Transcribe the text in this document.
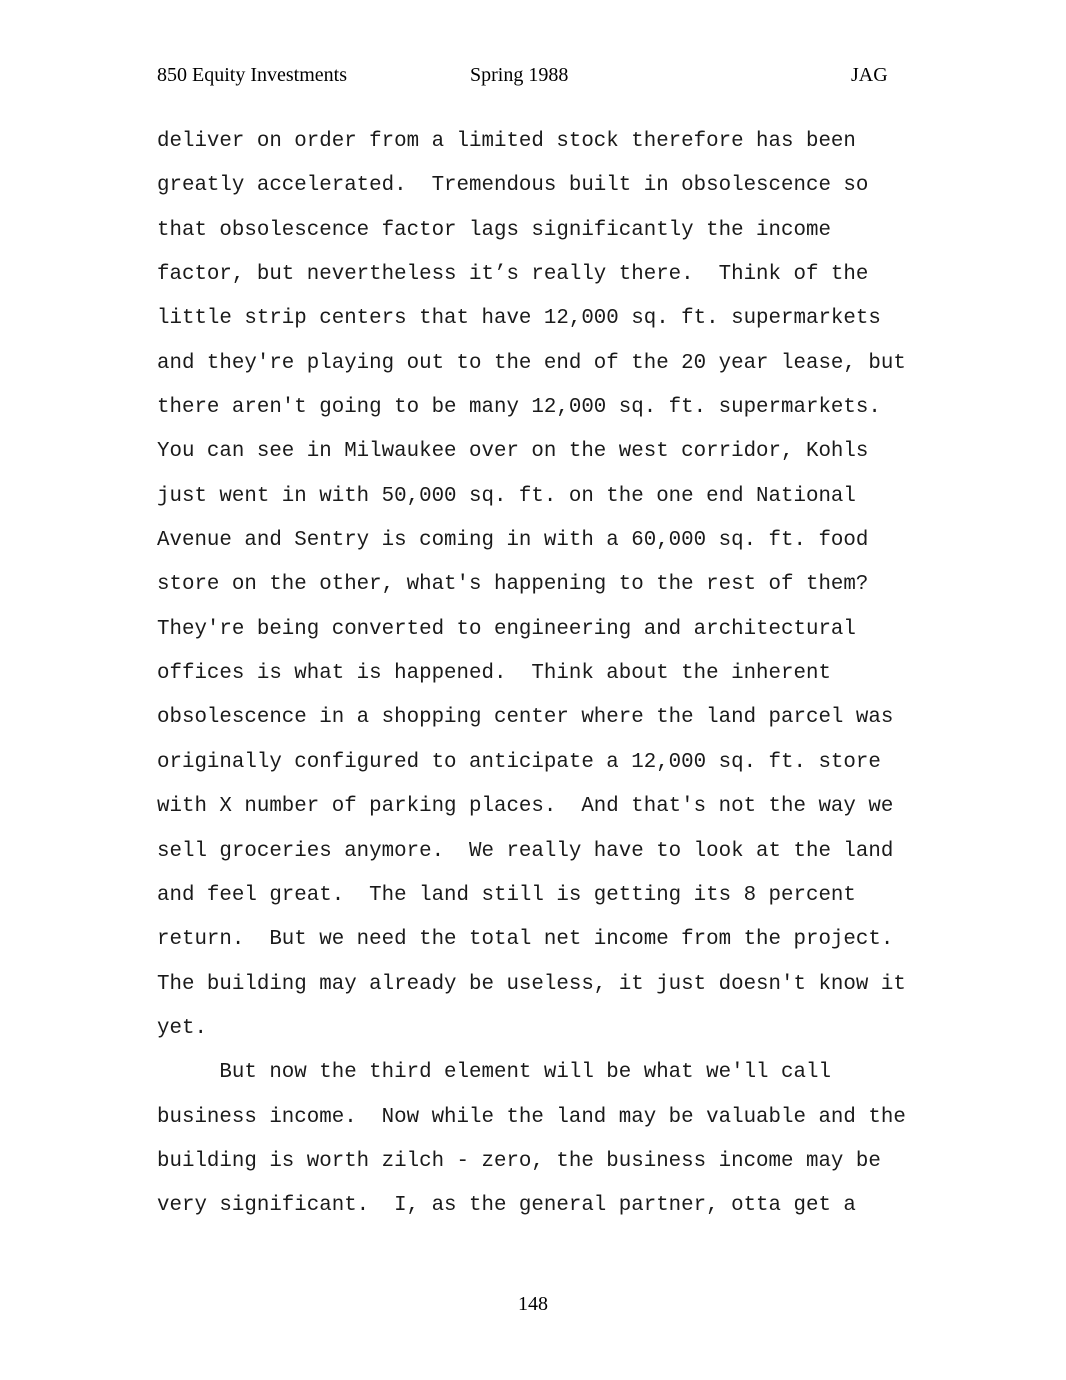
850 Equity Investments	Spring 1988	JAG
deliver on order from a limited stock therefore has been
greatly accelerated.  Tremendous built in obsolescence so
that obsolescence factor lags significantly the income
factor, but nevertheless it’s really there.  Think of the
little strip centers that have 12,000 sq. ft. supermarkets
and they're playing out to the end of the 20 year lease, but
there aren't going to be many 12,000 sq. ft. supermarkets.
You can see in Milwaukee over on the west corridor, Kohls
just went in with 50,000 sq. ft. on the one end National
Avenue and Sentry is coming in with a 60,000 sq. ft. food
store on the other, what's happening to the rest of them?
They're being converted to engineering and architectural
offices is what is happened.  Think about the inherent
obsolescence in a shopping center where the land parcel was
originally configured to anticipate a 12,000 sq. ft. store
with X number of parking places.  And that's not the way we
sell groceries anymore.  We really have to look at the land
and feel great.  The land still is getting its 8 percent
return.  But we need the total net income from the project.
The building may already be useless, it just doesn't know it
yet.
But now the third element will be what we'll call
business income.  Now while the land may be valuable and the
building is worth zilch - zero, the business income may be
very significant.  I, as the general partner, otta get a
148
